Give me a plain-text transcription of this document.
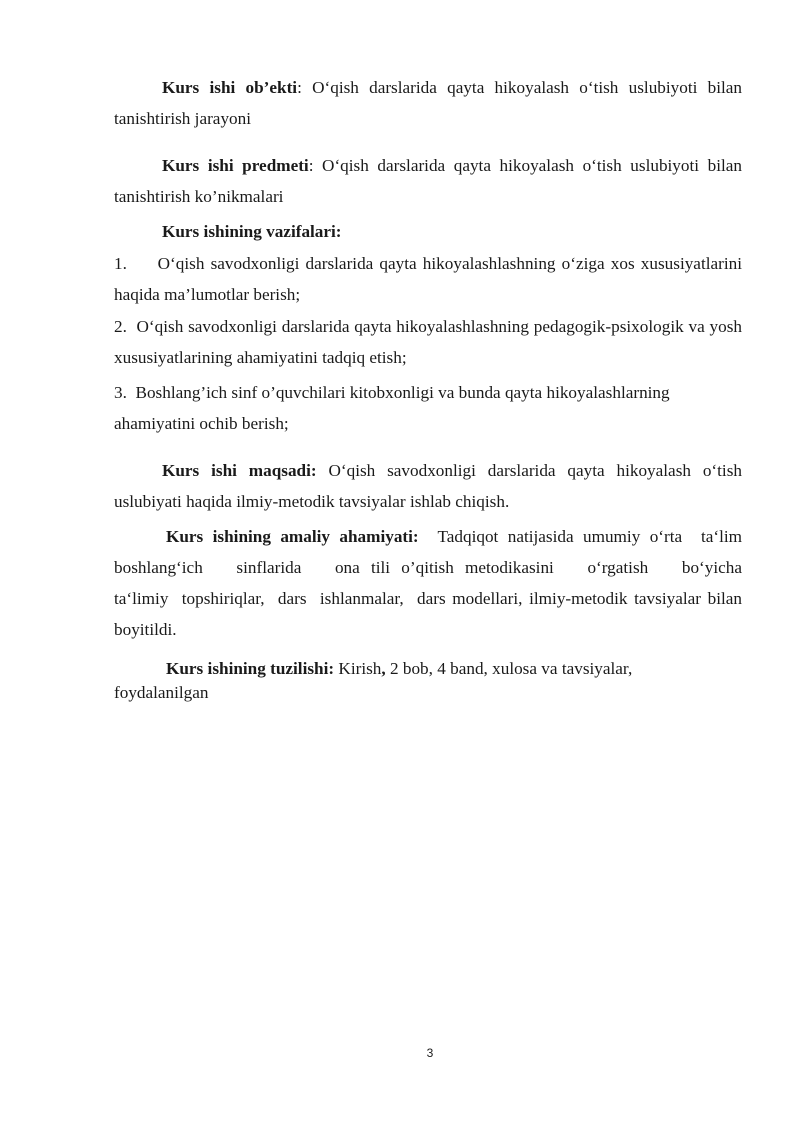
Kurs ishi ob’ekti: O‘qish darslarida qayta hikoyalash o‘tish uslubiyoti bilan tanishtirish jarayoni

Kurs ishi predmeti: O‘qish darslarida qayta hikoyalash o‘tish uslubiyoti bilan tanishtirish ko’nikmalari

Kurs ishining vazifalari:

1.     O‘qish savodxonligi darslarida qayta hikoyalashlashning o‘ziga xos xususiyatlarini haqida ma’lumotlar berish;

2.  O‘qish savodxonligi darslarida qayta hikoyalashlashning pedagogik-psixologik va yosh xususiyatlarining ahamiyatini tadqiq etish;

3.  Boshlang’ich sinf o’quvchilari kitobxonligi va bunda qayta hikoyalashlarning ahamiyatini ochib berish;

Kurs ishi maqsadi: O‘qish savodxonligi darslarida qayta hikoyalash o‘tish uslubiyati haqida ilmiy-metodik tavsiyalar ishlab chiqish.

Kurs ishining amaliy ahamiyati:  Tadqiqot natijasida umumiy o‘rta  ta‘lim boshlang‘ich   sinflarida   ona tili o’qitish metodikasini   o‘rgatish   bo‘yicha ta‘limiy  topshiriqlar,  dars  ishlanmalar,  dars modellari, ilmiy-metodik tavsiyalar bilan boyitildi.

Kurs ishining tuzilishi: Kirish, 2 bob, 4 band, xulosa va tavsiyalar,

foydalanilgan

3
